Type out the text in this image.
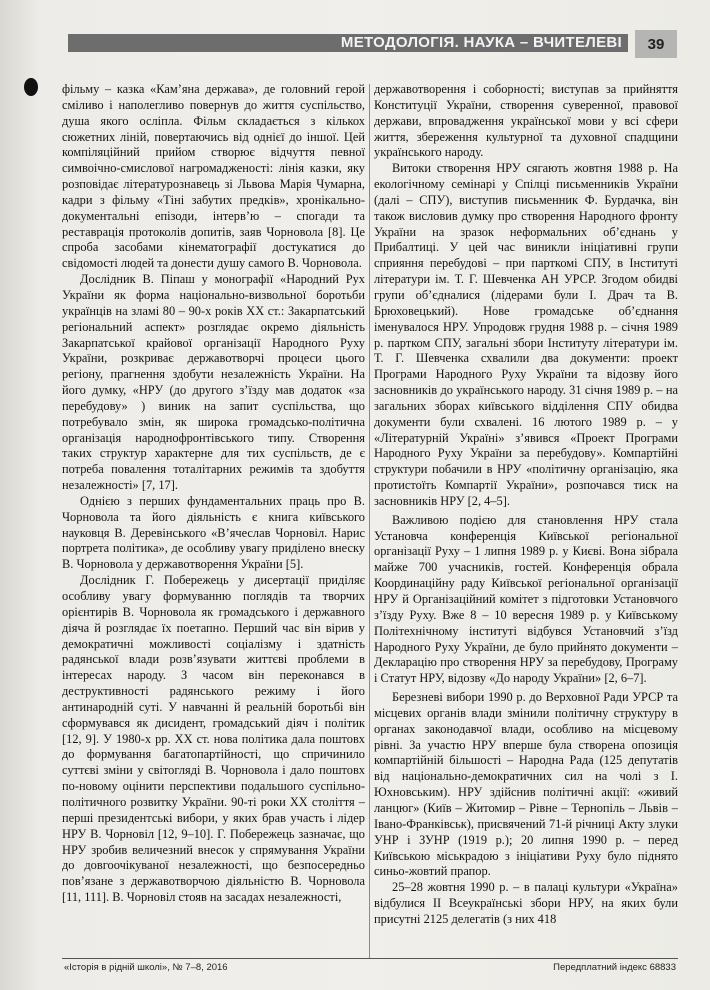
МЕТОДОЛОГІЯ. НАУКА – ВЧИТЕЛЕВІ	39

фільму – казка «Кам’яна держава», де головний герой сміливо і наполегливо повернув до життя суспільство, душа якого осліпла. Фільм складається з кількох сюжетних ліній, повертаючись від однієї до іншої. Цей компіляційний прийом створює відчуття певної симвоiчно-смислової нагромадженості: лінія казки, яку розповідає літературознавець зі Львова Марія Чумарна, кадри з фільму «Тіні забутих предків», хронікально-документальні епізоди, інтерв’ю – спогади та реставрація протоколів допитів, заяв Чорновола [8]. Це спроба засобами кінематографії достукатися до свідомості людей та донести душу самого В. Чорновола.

Дослідник В. Піпаш у монографії «Народний Рух України як форма національно-визвольної боротьби українців на зламі 80 – 90-х років ХХ ст.: Закарпатський регіональний аспект» розглядає окремо діяльність Закарпатської крайової організації Народного Руху України, розкриває державотворчі процеси цього регіону, прагнення здобути незалежність України. На його думку, «НРУ (до другого з’їзду мав додаток «за перебудову» ) виник на запит суспільства, що потребувало змін, як широка громадсько-політична організація народнофронтівського типу. Створення таких структур характерне для тих суспільств, де є потреба повалення тоталітарних режимів та здобуття незалежності» [7, 17].

Однією з перших фундаментальних праць про В. Чорновола та його діяльність є книга київського науковця В. Деревінського «В’ячеслав Чорновіл. Нарис портрета політика», де особливу увагу приділено внеску В. Чорновола у державотворення України [5].

Дослідник Г. Побережець у дисертації приділяє особливу увагу формуванню поглядів та творчих орієнтирів В. Чорновола як громадського і державного діяча й розглядає їх поетапно. Перший час він вірив у демократичні можливості соціалізму і здатність радянської влади розв’язувати життєві проблеми в інтересах народу. З часом він переконався в деструктивності радянського режиму і його антинародній суті. У навчанні й реальній боротьбі він сформувався як дисидент, громадський діяч і політик [12, 9]. У 1980-х рр. ХХ ст. нова політика дала поштовх до формування багатопартійності, що спричинило суттєві зміни у світогляді В. Чорновола і дало поштовх по-новому оцінити перспективи подальшого суспільно-політичного розвитку України. 90-ті роки ХХ століття – перші президентські вибори, у яких брав участь і лідер НРУ В. Чорновіл [12, 9–10]. Г. Побережець зазначає, що НРУ зробив величезний внесок у спрямування України до довгоочікуваної незалежності, що безпосередньо пов’язане з державотворчою діяльністю В. Чорновола [11, 111]. В. Чорновіл стояв на засадах незалежності,

державотворення і соборності; виступав за прийняття Конституції України, створення суверенної, правової держави, впровадження української мови у всі сфери життя, збереження культурної та духовної спадщини українського народу.

Витоки створення НРУ сягають жовтня 1988 р. На екологічному семінарі у Спілці письменників України (далі – СПУ), виступив письменник Ф. Бурдачка, він також висловив думку про створення Народного фронту України на зразок неформальних об’єднань у Прибалтиці. У цей час виникли ініціативні групи сприяння перебудові – при парткомі СПУ, в Інституті літератури ім. Т. Г. Шевченка АН УРСР. Згодом обидві групи об’єдналися (лідерами були І. Драч та В. Брюховецький). Нове громадське об’єднання іменувалося НРУ. Упродовж грудня 1988 р. – січня 1989 р. партком СПУ, загальні збори Інституту літератури ім. Т. Г. Шевченка схвалили два документи: проект Програми Народного Руху України та відозву його засновників до українського народу. 31 січня 1989 р. – на загальних зборах київського відділення СПУ обидва документи були схвалені. 16 лютого 1989 р. – у «Літературній Україні» з’явився «Проект Програми Народного Руху України за перебудову». Компартійні структури побачили в НРУ «політичну організацію, яка протистоїть Компартії України», розпочався тиск на засновників НРУ [2, 4–5].

Важливою подією для становлення НРУ стала Установча конференція Київської регіональної організації Руху – 1 липня 1989 р. у Києві. Вона зібрала майже 700 учасників, гостей. Конференція обрала Координаційну раду Київської регіональної організації НРУ й Організаційний комітет з підготовки Установчого з’їзду Руху. Вже 8 – 10 вересня 1989 р. у Київському Політехнічному інституті відбувся Установчий з’їзд Народного Руху України, де було прийнято документи – Декларацію про створення НРУ за перебудову, Програму і Статут НРУ, відозву «До народу України» [2, 6–7].

Березневі вибори 1990 р. до Верховної Ради УРСР та місцевих органів влади змінили політичну структуру в органах законодавчої влади, особливо на місцевому рівні. За участю НРУ вперше була створена опозиція компартійній більшості – Народна Рада (125 депутатів від національно-демократичних сил на чолі з І. Юхновським). НРУ здійснив політичні акції: «живий ланцюг» (Київ – Житомир – Рівне – Тернопіль – Львів – Івано-Франківськ), присвячений 71-й річниці Акту злуки УНР і ЗУНР (1919 р.); 20 липня 1990 р. – перед Київською міськрадою з ініціативи Руху було піднято синьо-жовтий прапор.

25–28 жовтня 1990 р. – в палаці культури «Україна» відбулися II Всеукраїнські збори НРУ, на яких були присутні 2125 делегатів (з них 418

«Історія в рідній школі», № 7–8, 2016	Передплатний індекс 68833
